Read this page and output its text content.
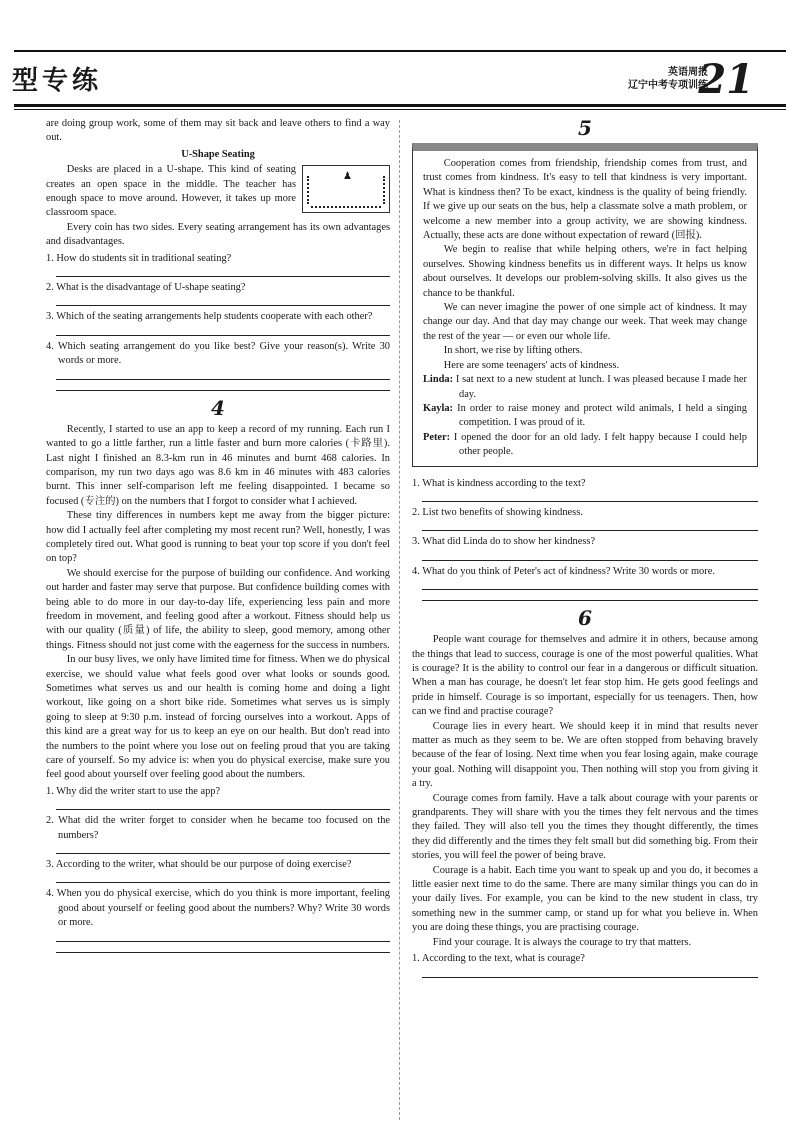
型专练	英语周报
辽宁中考专项训练
21

are doing group work, some of them may sit back and leave others to find a way out.

U-Shape Seating
♟

Desks are placed in a U-shape. This kind of seating creates an open space in the middle. The teacher has enough space to move around. However, it takes up more classroom space.

Every coin has two sides. Every seating arrangement has its own advantages and disadvantages.

1. How do students sit in traditional seating?
2. What is the disadvantage of U-shape seating?
3. Which of the seating arrangements help students cooperate with each other?
4. Which seating arrangement do you like best? Give your reason(s). Write 30 words or more.
4

Recently, I started to use an app to keep a record of my running. Each run I wanted to go a little farther, run a little faster and burn more calories (卡路里). Last night I finished an 8.3-km run in 46 minutes and burnt 468 calories. In comparison, my run two days ago was 8.6 km in 46 minutes with 483 calories burnt. This inner self-comparison left me feeling disappointed. I became so focused (专注的) on the numbers that I forgot to consider what I achieved.

These tiny differences in numbers kept me away from the bigger picture: how did I actually feel after completing my most recent run? Well, honestly, I was completely tired out. What good is running to beat your top score if you don't feel on top?

We should exercise for the purpose of building our confidence. And working out harder and faster may serve that purpose. But confidence building comes with being able to do more in our day-to-day life, experiencing less pain and more freedom in movement, and feeling good after a workout. Fitness should help us with our quality (质量) of life, the ability to sleep, good memory, among other things. Fitness should not just come with the eagerness for the success in numbers.

In our busy lives, we only have limited time for fitness. When we do physical exercise, we should value what feels good over what looks or sounds good. Sometimes what serves us and our health is coming home and doing a light workout, like going on a short bike ride. Sometimes what serves us is simply going to sleep at 9:30 p.m. instead of forcing ourselves into a workout. Apps of this kind are a great way for us to keep an eye on our health. But don't read into the numbers to the point where you lose out on feeling proud that you are taking care of yourself. So my advice is: when you do physical exercise, make sure you feel good about yourself over feeling good about the numbers.

1. Why did the writer start to use the app?
2. What did the writer forget to consider when he became too focused on the numbers?
3. According to the writer, what should be our purpose of doing exercise?
4. When you do physical exercise, which do you think is more important, feeling good about yourself or feeling good about the numbers? Why? Write 30 words or more.
5

Cooperation comes from friendship, friendship comes from trust, and trust comes from kindness. It's easy to tell that kindness is very important. What is kindness then? To be exact, kindness is the quality of being friendly. If we give up our seats on the bus, help a classmate solve a math problem, or welcome a new member into a group activity, we are showing kindness. Actually, these acts are done without expectation of reward (回报).

We begin to realise that while helping others, we're in fact helping ourselves. Showing kindness benefits us in different ways. It helps us know about ourselves. It develops our problem-solving skills. It also gives us the chance to be thankful.

We can never imagine the power of one simple act of kindness. It may change our day. And that day may change our week. That week may change the rest of the year — or even our whole life.

In short, we rise by lifting others.

Here are some teenagers' acts of kindness.

Linda: I sat next to a new student at lunch. I was pleased because I made her day.
Kayla: In order to raise money and protect wild animals, I held a singing competition. I was proud of it.
Peter: I opened the door for an old lady. I felt happy because I could help other people.
1. What is kindness according to the text?
2. List two benefits of showing kindness.
3. What did Linda do to show her kindness?
4. What do you think of Peter's act of kindness? Write 30 words or more.
6

People want courage for themselves and admire it in others, because among the things that lead to success, courage is one of the most powerful qualities. What is courage? It is the ability to control our fear in a dangerous or difficult situation. When a man has courage, he doesn't let fear stop him. He gets good feelings and pride in himself. Courage is so important, especially for us teenagers. Then, how can we find and practise courage?

Courage lies in every heart. We should keep it in mind that results never matter as much as they seem to be. We are often stopped from behaving bravely because of the fear of losing. Next time when you fear losing again, make courage your goal. Nothing will disappoint you. Then nothing will stop you from giving it a try.

Courage comes from family. Have a talk about courage with your parents or grandparents. They will share with you the times they felt nervous and the times they failed. They will also tell you the times they thought differently, the times they did differently and the times they felt small but did something big. From their stories, you will feel the power of being brave.

Courage is a habit. Each time you want to speak up and you do, it becomes a little easier next time to do the same. There are many similar things you can do in your daily lives. For example, you can be kind to the new student in class, try something new in the summer camp, or stand up for what you believe in. When you are doing these things, you are practising courage.

Find your courage. It is always the courage to try that matters.

1. According to the text, what is courage?
